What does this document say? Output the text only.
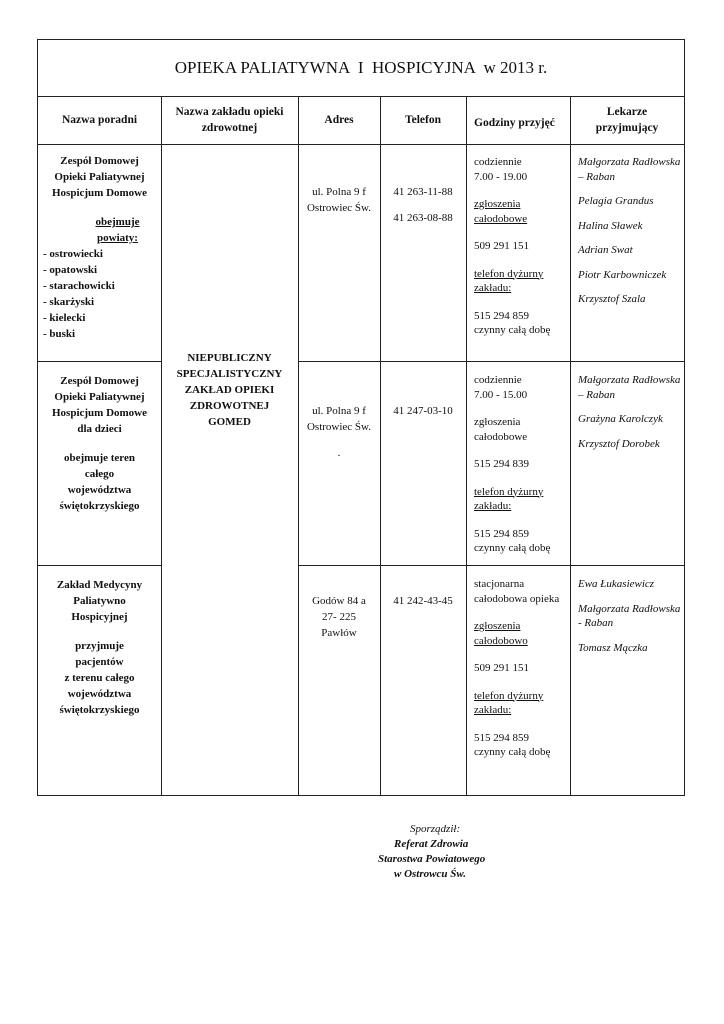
OPIEKA PALIATYWNA  I  HOSPICYJNA  w 2013 r.
Nazwa poradni
Nazwa zakładu opieki zdrowotnej
Adres	Telefon	Godziny przyjęć
Lekarze przyjmujący
NIEPUBLICZNY
SPECJALISTYCZNY
ZAKŁAD OPIEKI
ZDROWOTNEJ
GOMED
Zespół Domowej
Opieki Paliatywnej
Hospicjum Domowe
obejmuje
powiaty:
- ostrowiecki
- opatowski
- starachowicki
- skarżyski
- kielecki
- buski
ul. Polna 9 f
Ostrowiec Św.
41 263-11-88
41 263-08-88
codziennie
7.00 - 19.00
zgłoszenia
całodobowe
509 291 151
telefon dyżurny
zakładu:
515 294 859
czynny całą dobę
Małgorzata Radłowska – Raban
Pelagia Grandus
Halina Sławek
Adrian Swat
Piotr Karbowniczek
Krzysztof Szala
Zespół Domowej
Opieki Paliatywnej
Hospicjum Domowe
dla dzieci
obejmuje teren
całego
województwa
świętokrzyskiego
ul. Polna 9 f
Ostrowiec Św.
.
41 247-03-10
codziennie
7.00 - 15.00
zgłoszenia
całodobowe
515 294 839
telefon dyżurny
zakładu:
515 294 859
czynny całą dobę
Małgorzata Radłowska – Raban
Grażyna Karolczyk
Krzysztof Dorobek
Zakład Medycyny
Paliatywno
Hospicyjnej
przyjmuje
pacjentów
z terenu całego
województwa
świętokrzyskiego
Godów 84 a
27- 225
Pawłów
41 242-43-45
stacjonarna
całodobowa opieka
zgłoszenia
całodobowo
509 291 151
telefon dyżurny
zakładu:
515 294 859
czynny całą dobę
Ewa Łukasiewicz
Małgorzata Radłowska - Raban
Tomasz Mączka
Sporządził:
Referat Zdrowia
Starostwa Powiatowego
w Ostrowcu Św.
